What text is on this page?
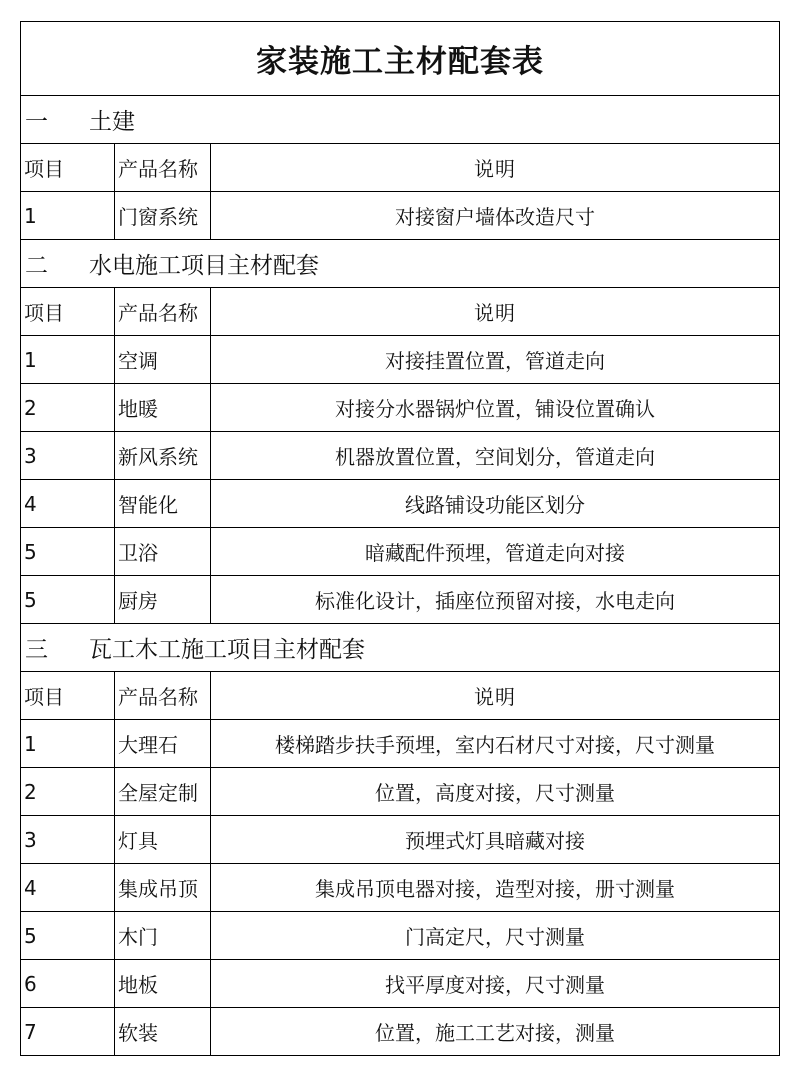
家装施工主材配套表		
一 土建		
项目	产品名称	说明
1	门窗系统	对接窗户墙体改造尺寸
二 水电施工项目主材配套		
项目	产品名称	说明
1	空调	对接挂置位置，管道走向
2	地暖	对接分水器锅炉位置，铺设位置确认
3	新风系统	机器放置位置，空间划分，管道走向
4	智能化	线路铺设功能区划分
5	卫浴	暗藏配件预埋，管道走向对接
5	厨房	标准化设计，插座位预留对接，水电走向
三 瓦工木工施工项目主材配套		
项目	产品名称	说明
1	大理石	楼梯踏步扶手预埋，室内石材尺寸对接，尺寸测量
2	全屋定制	位置，高度对接，尺寸测量
3	灯具	预埋式灯具暗藏对接
4	集成吊顶	集成吊顶电器对接，造型对接，册寸测量
5	木门	门高定尺，尺寸测量
6	地板	找平厚度对接，尺寸测量
7	软装	位置，施工工艺对接，测量
